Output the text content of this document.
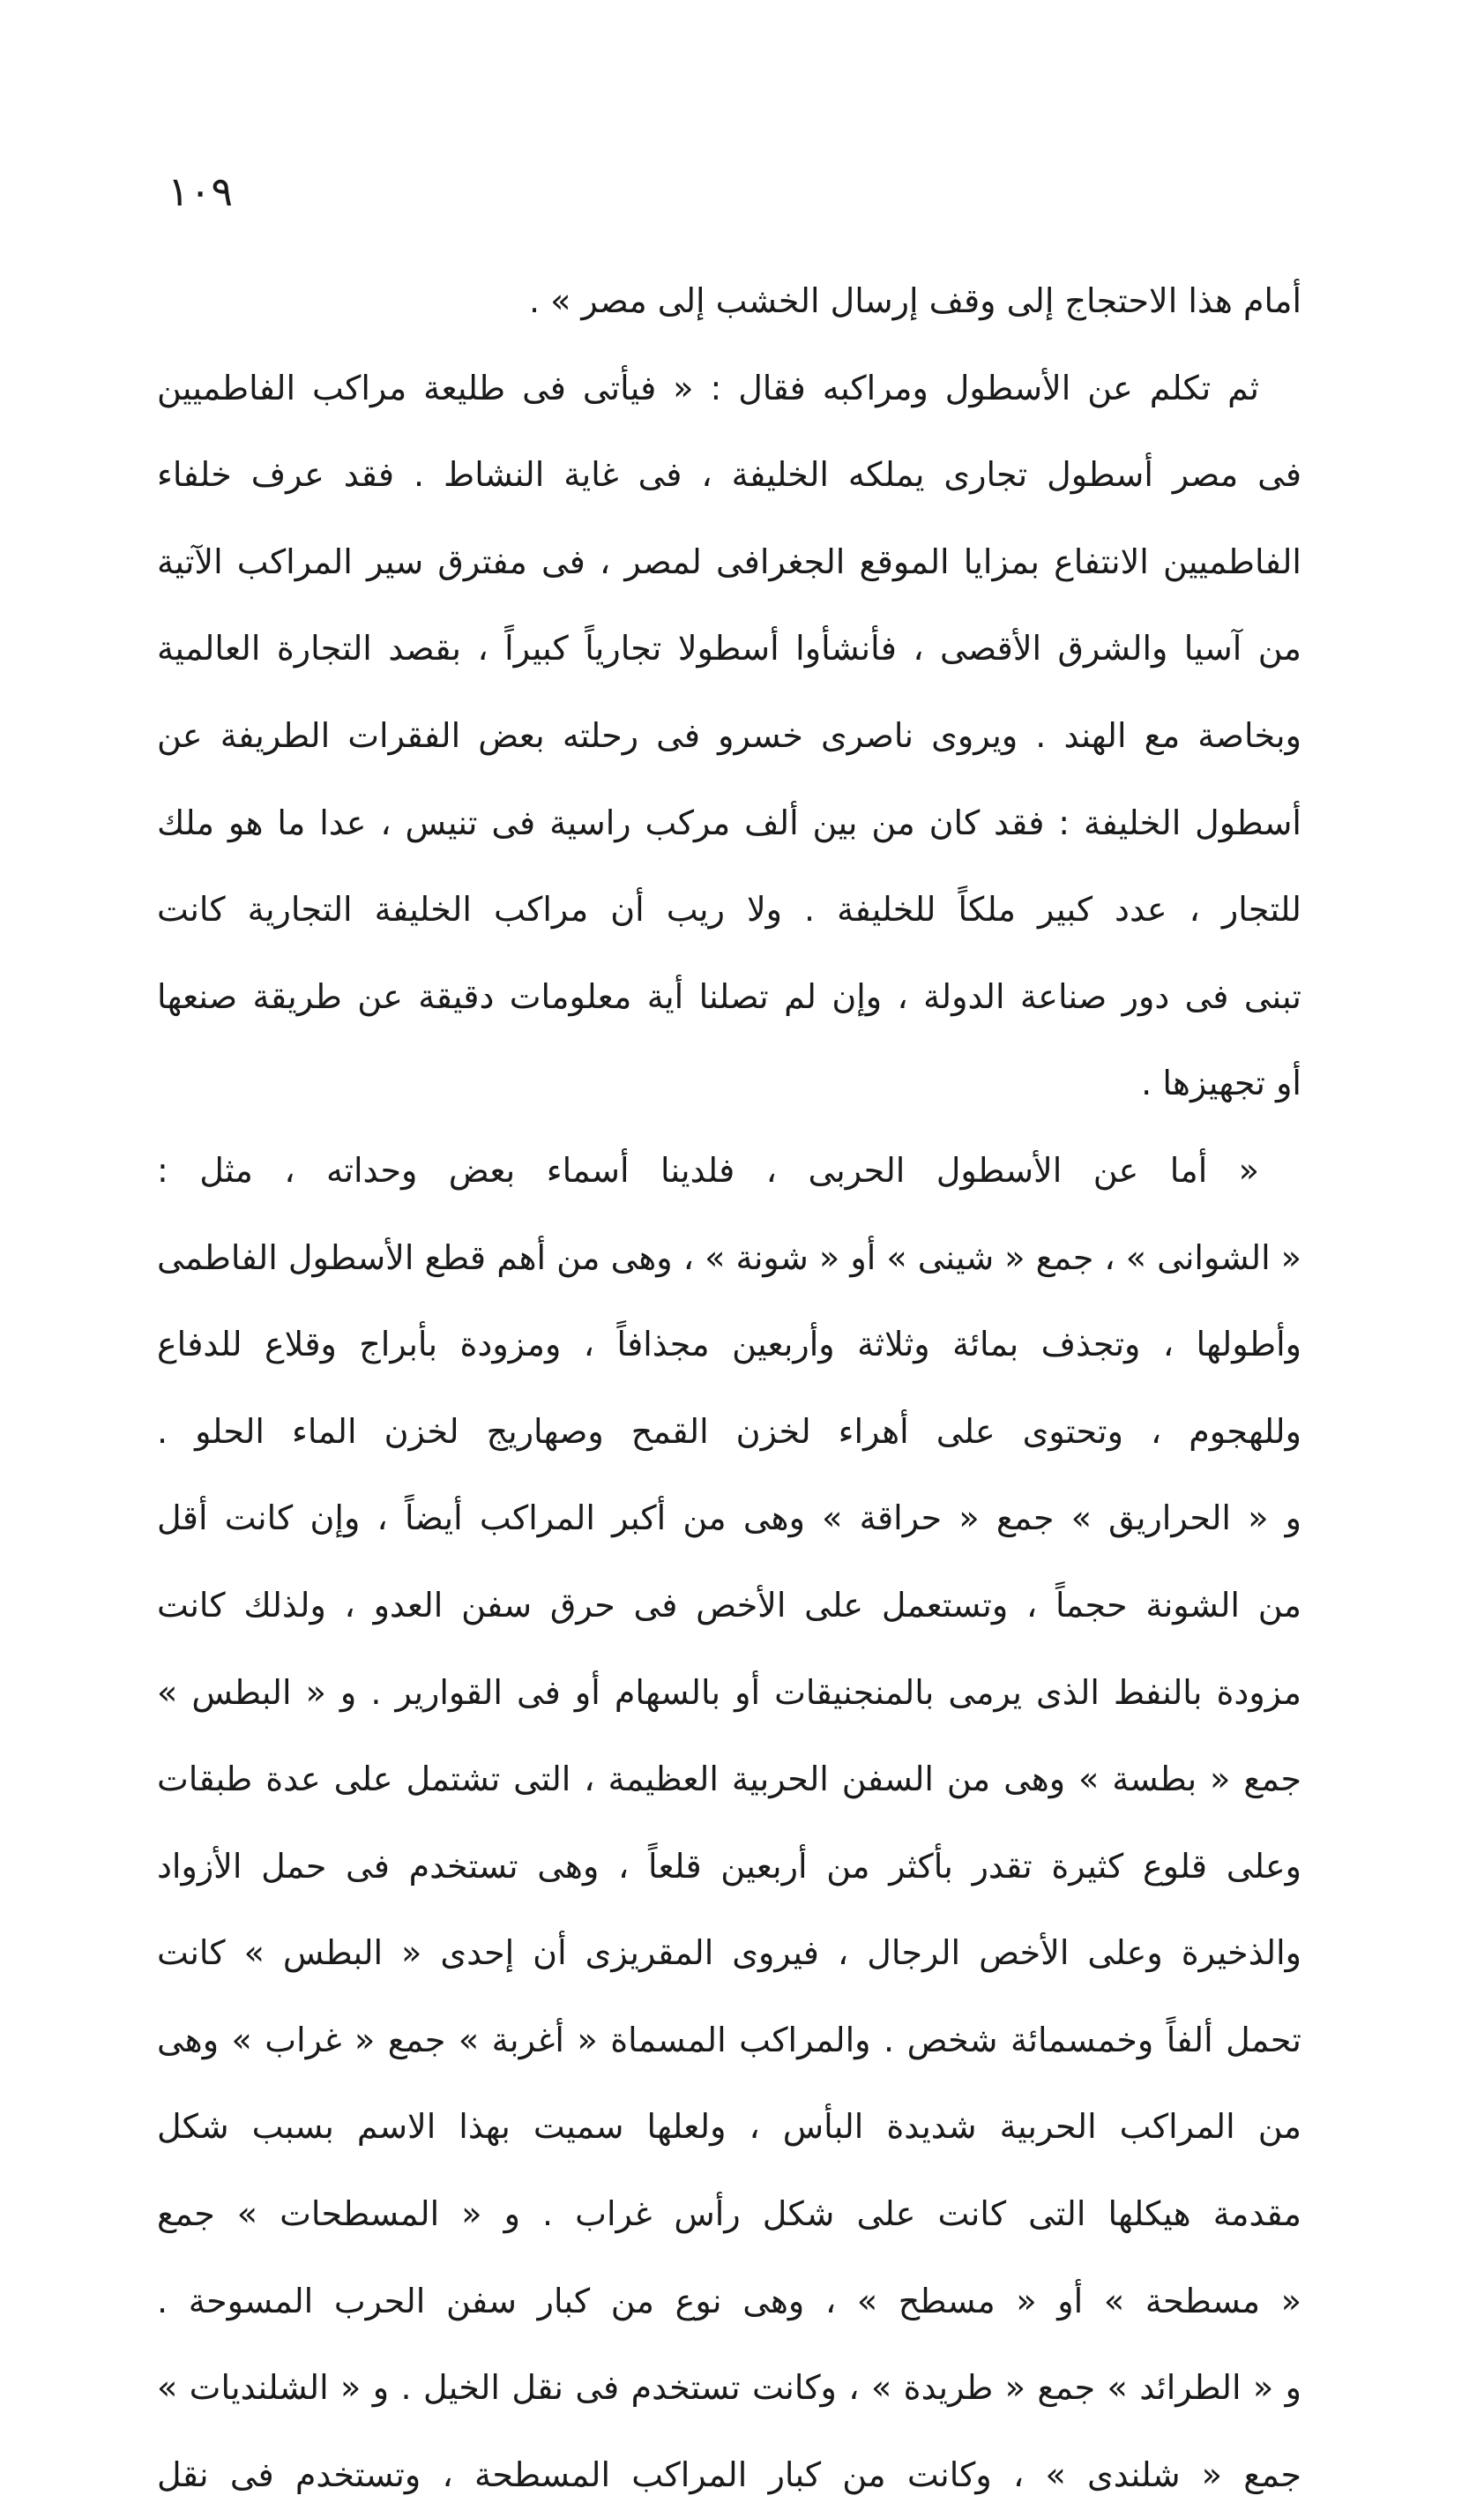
١٠٩
أمام هذا الاحتجاج إلى وقف إرسال الخشب إلى مصر » .
ثم تكلم عن الأسطول ومراكبه فقال : « فيأتى فى طليعة مراكب الفاطميين
فى مصر أسطول تجارى يملكه الخليفة ، فى غاية النشاط . فقد عرف خلفاء
الفاطميين الانتفاع بمزايا الموقع الجغرافى لمصر ، فى مفترق سير المراكب الآتية
من آسيا والشرق الأقصى ، فأنشأوا أسطولا تجارياً كبيراً ، بقصد التجارة العالمية
وبخاصة مع الهند . ويروى ناصرى خسرو فى رحلته بعض الفقرات الطريفة عن
أسطول الخليفة : فقد كان من بين ألف مركب راسية فى تنيس ، عدا ما هو ملك
للتجار ، عدد كبير ملكاً للخليفة . ولا ريب أن مراكب الخليفة التجارية كانت
تبنى فى دور صناعة الدولة ، وإن لم تصلنا أية معلومات دقيقة عن طريقة صنعها
أو تجهيزها .
« أما عن الأسطول الحربى ، فلدينا أسماء بعض وحداته ، مثل :
« الشوانى » ، جمع « شينى » أو « شونة » ، وهى من أهم قطع الأسطول الفاطمى
وأطولها ، وتجذف بمائة وثلاثة وأربعين مجذافاً ، ومزودة بأبراج وقلاع للدفاع
وللهجوم ، وتحتوى على أهراء لخزن القمح وصهاريج لخزن الماء الحلو .
و « الحراريق » جمع « حراقة » وهى من أكبر المراكب أيضاً ، وإن كانت أقل
من الشونة حجماً ، وتستعمل على الأخص فى حرق سفن العدو ، ولذلك كانت
مزودة بالنفط الذى يرمى بالمنجنيقات أو بالسهام أو فى القوارير . و « البطس »
جمع « بطسة » وهى من السفن الحربية العظيمة ، التى تشتمل على عدة طبقات
وعلى قلوع كثيرة تقدر بأكثر من أربعين قلعاً ، وهى تستخدم فى حمل الأزواد
والذخيرة وعلى الأخص الرجال ، فيروى المقريزى أن إحدى « البطس » كانت
تحمل ألفاً وخمسمائة شخص . والمراكب المسماة « أغربة » جمع « غراب » وهى
من المراكب الحربية شديدة البأس ، ولعلها سميت بهذا الاسم بسبب شكل
مقدمة هيكلها التى كانت على شكل رأس غراب . و « المسطحات » جمع
« مسطحة » أو « مسطح » ، وهى نوع من كبار سفن الحرب المسوحة .
و « الطرائد » جمع « طريدة » ، وكانت تستخدم فى نقل الخيل . و « الشلنديات »
جمع « شلندى » ، وكانت من كبار المراكب المسطحة ، وتستخدم فى نقل
